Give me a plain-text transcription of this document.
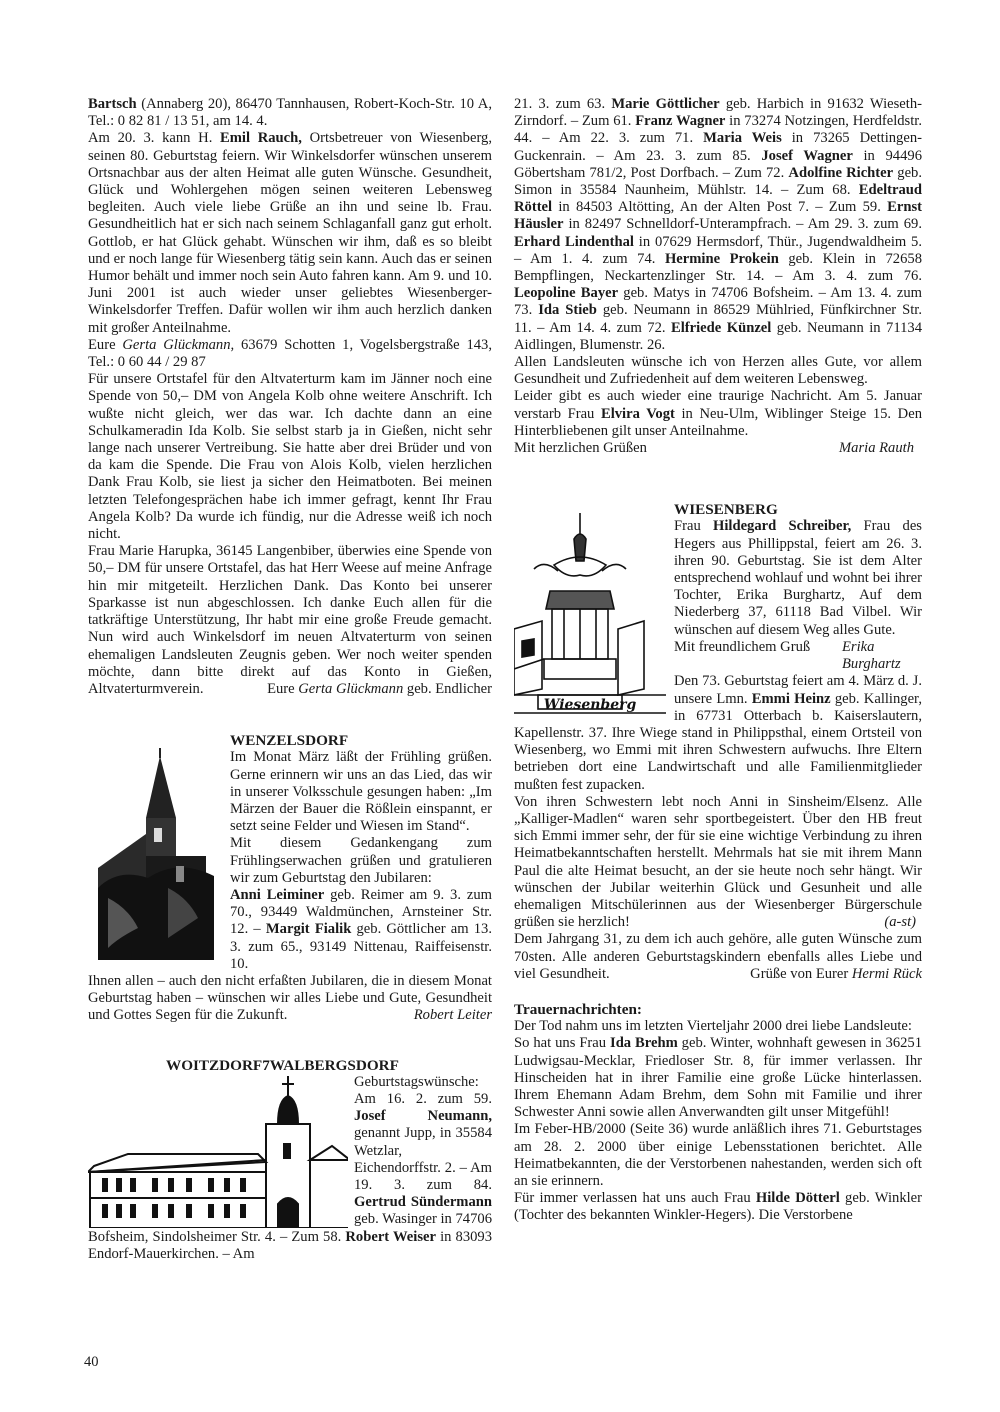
Bartsch (Annaberg 20), 86470 Tannhausen, Robert-Koch-Str. 10 A, Tel.: 0 82 81 / 13 51, am 14. 4.

Am 20. 3. kann H. Emil Rauch, Ortsbetreuer von Wiesenberg, seinen 80. Geburtstag feiern. Wir Winkelsdorfer wünschen unserem Ortsnachbar aus der alten Heimat alle guten Wünsche. Gesundheit, Glück und Wohlergehen mögen seinen weiteren Lebensweg begleiten. Auch viele liebe Grüße an ihn und seine lb. Frau. Gesundheitlich hat er sich nach seinem Schlaganfall ganz gut erholt. Gottlob, er hat Glück gehabt. Wünschen wir ihm, daß es so bleibt und er noch lange für Wiesenberg tätig sein kann. Auch das er seinen Humor behält und immer noch sein Auto fahren kann. Am 9. und 10. Juni 2001 ist auch wieder unser geliebtes Wiesenberger-Winkelsdorfer Treffen. Dafür wollen wir ihm auch herzlich danken mit großer Anteilnahme.

Eure Gerta Glückmann, 63679 Schotten 1, Vogelsbergstraße 143, Tel.: 0 60 44 / 29 87

Für unsere Ortstafel für den Altvaterturm kam im Jänner noch eine Spende von 50,– DM von Angela Kolb ohne weitere Anschrift. Ich wußte nicht gleich, wer das war. Ich dachte dann an eine Schulkameradin Ida Kolb. Sie selbst starb ja in Gießen, nicht sehr lange nach unserer Vertreibung. Sie hatte aber drei Brüder und von da kam die Spende. Die Frau von Alois Kolb, vielen herzlichen Dank Frau Kolb, sie liest ja sicher den Heimatboten. Bei meinen letzten Telefongesprächen habe ich immer gefragt, kennt Ihr Frau Angela Kolb? Da wurde ich fündig, nur die Adresse weiß ich noch nicht.

Frau Marie Harupka, 36145 Langenbiber, überwies eine Spende von 50,– DM für unsere Ortstafel, das hat Herr Weese auf meine Anfrage hin mir mitgeteilt. Herzlichen Dank. Das Konto bei unserer Sparkasse ist nun abgeschlossen. Ich danke Euch allen für die tatkräftige Unterstützung, Ihr habt mir eine große Freude gemacht. Nun wird auch Winkelsdorf im neuen Altvaterturm von seinen ehemaligen Landsleuten Zeugnis geben. Wer noch weiter spenden möchte, dann bitte direkt auf das Konto in Gießen, Altvaterturmverein.	Eure Gerta Glückmann geb. Endlicher

WENZELSDORF

Im Monat März läßt der Frühling grüßen. Gerne erinnern wir uns an das Lied, das wir in unserer Volksschule gesungen haben: „Im Märzen der Bauer die Rößlein einspannt, er setzt seine Felder und Wiesen im Stand“.

Mit diesem Gedankengang zum Frühlingserwachen grüßen und gratulieren wir zum Geburtstag den Jubilaren:

Anni Leiminer geb. Reimer am 9. 3. zum 70., 93449 Waldmünchen, Arnsteiner Str. 12. – Margit Fialik geb. Göttlicher am 13. 3. zum 65., 93149 Nittenau, Raiffeisenstr. 10.

Ihnen allen – auch den nicht erfaßten Jubilaren, die in diesem Monat Geburtstag haben – wünschen wir alles Liebe und Gute, Gesundheit und Gottes Segen für die Zukunft.	Robert Leiter

WOITZDORF7WALBERGSDORF

Geburtstagswünsche:

Am 16. 2. zum 59. Josef Neumann, genannt Jupp, in 35584 Wetzlar, Eichendorffstr. 2. – Am 19. 3. zum 84. Gertrud Sündermann geb. Wasinger in 74706 Bofsheim, Sindolsheimer Str. 4. – Zum 58. Robert Weiser in 83093 Endorf-Mauerkirchen. – Am

21. 3. zum 63. Marie Göttlicher geb. Harbich in 91632 Wieseth-Zirndorf. – Zum 61. Franz Wagner in 73274 Notzingen, Herdfeldstr. 44. – Am 22. 3. zum 71. Maria Weis in 73265 Dettingen-Guckenrain. – Am 23. 3. zum 85. Josef Wagner in 94496 Göbertsham 781/2, Post Dorfbach. – Zum 72. Adolfine Richter geb. Simon in 35584 Naunheim, Mühlstr. 14. – Zum 68. Edeltraud Röttel in 84503 Altötting, An der Alten Post 7. – Zum 59. Ernst Häusler in 82497 Schnelldorf-Unterampfrach. – Am 29. 3. zum 69. Erhard Lindenthal in 07629 Hermsdorf, Thür., Jugendwaldheim 5. – Am 1. 4. zum 74. Hermine Prokein geb. Klein in 72658 Bempflingen, Neckartenzlinger Str. 14. – Am 3. 4. zum 76. Leopoline Bayer geb. Matys in 74706 Bofsheim. – Am 13. 4. zum 73. Ida Stieb geb. Neumann in 86529 Mühlried, Fünfkirchner Str. 11. – Am 14. 4. zum 72. Elfriede Künzel geb. Neumann in 71134 Aidlingen, Blumenstr. 26.

Allen Landsleuten wünsche ich von Herzen alles Gute, vor allem Gesundheit und Zufriedenheit auf dem weiteren Lebensweg.

Leider gibt es auch wieder eine traurige Nachricht. Am 5. Januar verstarb Frau Elvira Vogt in Neu-Ulm, Wiblinger Steige 15. Den Hinterbliebenen gilt unser Anteilnahme.

Mit herzlichen Grüßen	Maria Rauth

Wiesenberg

WIESENBERG

Frau Hildegard Schreiber, Frau des Hegers aus Phillippstal, feiert am 26. 3. ihren 90. Geburtstag. Sie ist dem Alter entsprechend wohlauf und wohnt bei ihrer Tochter, Erika Burghartz, Auf dem Niederberg 37, 61118 Bad Vilbel. Wir wünschen auf diesem Weg alles Gute.

Mit freundlichem Gruß Erika Burghartz

Den 73. Geburtstag feiert am 4. März d. J. unsere Lmn. Emmi Heinz geb. Kallinger, in 67731 Otterbach b. Kaiserslautern, Kapellenstr. 37. Ihre Wiege stand in Philippsthal, einem Ortsteil von Wiesenberg, wo Emmi mit ihren Schwestern aufwuchs. Ihre Eltern betrieben dort eine Landwirtschaft und alle Familienmitglieder mußten fest zupacken.

Von ihren Schwestern lebt noch Anni in Sinsheim/Elsenz. Alle „Kalliger-Madlen“ waren sehr sportbegeistert. Über den HB freut sich Emmi immer sehr, der für sie eine wichtige Verbindung zu ihren Heimatbekanntschaften herstellt. Mehrmals hat sie mit ihrem Mann Paul die alte Heimat besucht, an der sie heute noch sehr hängt. Wir wünschen der Jubilar weiterhin Glück und Gesunheit und alle ehemaligen Mitschülerinnen aus der Wiesenberger Bürgerschule grüßen sie herzlich!	(a-st)

Dem Jahrgang 31, zu dem ich auch gehöre, alle guten Wünsche zum 70sten. Alle anderen Geburtstagskindern ebenfalls alles Liebe und viel Gesundheit.	Grüße von Eurer Hermi Rück

Trauernachrichten:

Der Tod nahm uns im letzten Vierteljahr 2000 drei liebe Landsleute:

So hat uns Frau Ida Brehm geb. Winter, wohnhaft gewesen in 36251 Ludwigsau-Mecklar, Friedloser Str. 8, für immer verlassen. Ihr Hinscheiden hat in ihrer Familie eine große Lücke hinterlassen. Ihrem Ehemann Adam Brehm, dem Sohn mit Familie und ihrer Schwester Anni sowie allen Anverwandten gilt unser Mitgefühl!

Im Feber-HB/2000 (Seite 36) wurde anläßlich ihres 71. Geburtstages am 28. 2. 2000 über einige Lebensstationen berichtet. Alle Heimatbekannten, die der Verstorbenen nahestanden, werden sich oft an sie erinnern.

Für immer verlassen hat uns auch Frau Hilde Dötterl geb. Winkler (Tochter des bekannten Winkler-Hegers). Die Verstorbene

40
